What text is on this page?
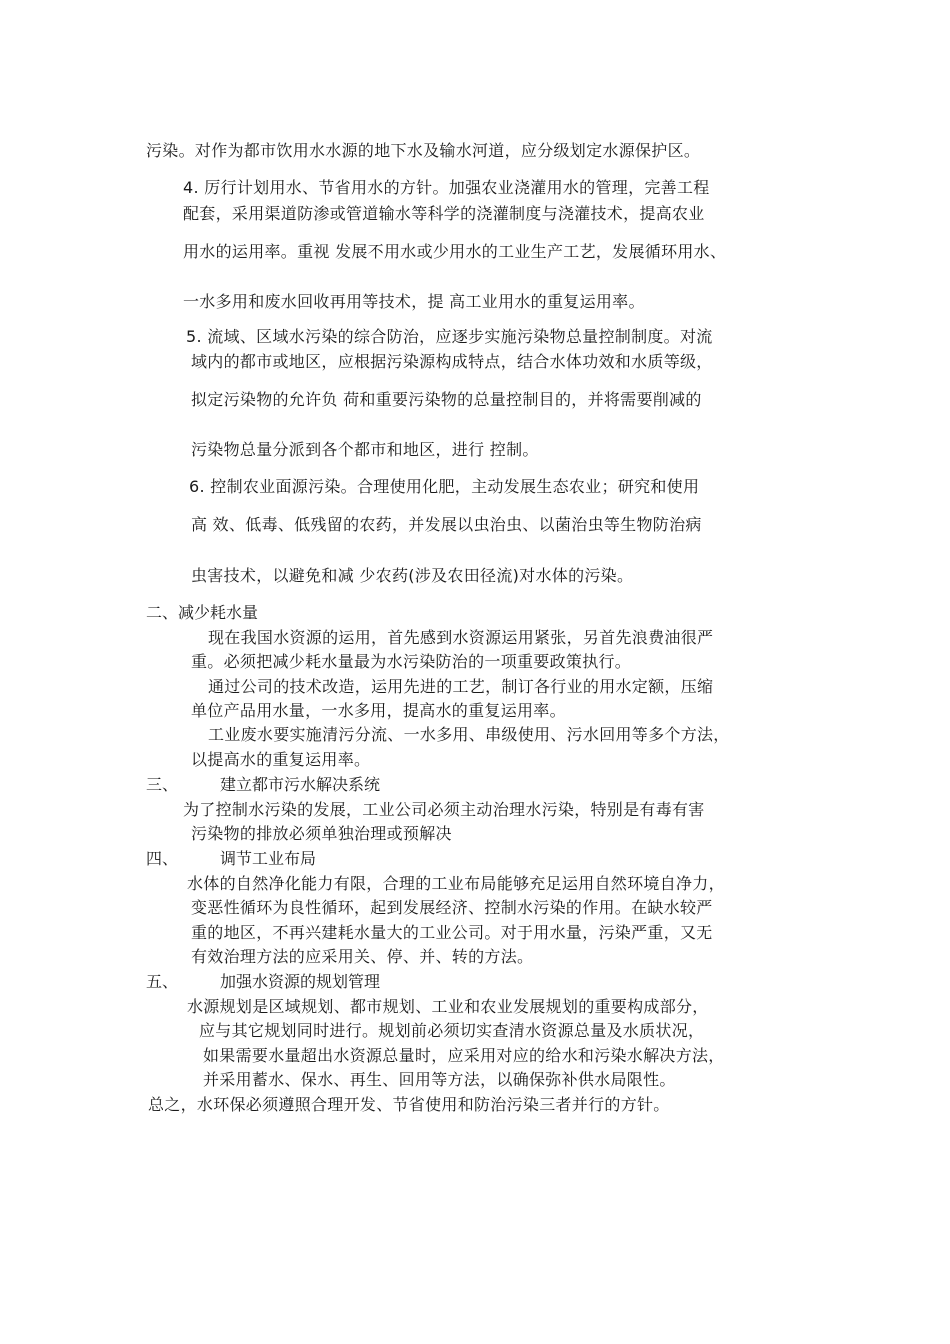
污染。对作为都市饮用水水源的地下水及输水河道，应分级划定水源保护区。
4. 厉行计划用水、节省用水的方针。加强农业浇灌用水的管理，完善工程
配套，采用渠道防渗或管道输水等科学的浇灌制度与浇灌技术，提高农业
用水的运用率。重视 发展不用水或少用水的工业生产工艺，发展循环用水、
一水多用和废水回收再用等技术，提 高工业用水的重复运用率。
5. 流域、区域水污染的综合防治，应逐步实施污染物总量控制制度。对流
域内的都市或地区，应根据污染源构成特点，结合水体功效和水质等级，
拟定污染物的允许负 荷和重要污染物的总量控制目的，并将需要削减的
污染物总量分派到各个都市和地区，进行 控制。
6. 控制农业面源污染。合理使用化肥，主动发展生态农业；研究和使用
高 效、低毒、低残留的农药，并发展以虫治虫、以菌治虫等生物防治病
虫害技术，以避免和减 少农药(涉及农田径流)对水体的污染。
二、减少耗水量
现在我国水资源的运用，首先感到水资源运用紧张，另首先浪费油很严
重。必须把减少耗水量最为水污染防治的一项重要政策执行。
通过公司的技术改造，运用先进的工艺，制订各行业的用水定额，压缩
单位产品用水量，一水多用，提高水的重复运用率。
工业废水要实施清污分流、一水多用、串级使用、污水回用等多个方法，
以提高水的重复运用率。
三、	建立都市污水解决系统
为了控制水污染的发展，工业公司必须主动治理水污染，特别是有毒有害
污染物的排放必须单独治理或预解决
四、	调节工业布局
水体的自然净化能力有限，合理的工业布局能够充足运用自然环境自净力，
变恶性循环为良性循环，起到发展经济、控制水污染的作用。在缺水较严
重的地区，不再兴建耗水量大的工业公司。对于用水量，污染严重，又无
有效治理方法的应采用关、停、并、转的方法。
五、	加强水资源的规划管理
水源规划是区域规划、都市规划、工业和农业发展规划的重要构成部分，
应与其它规划同时进行。规划前必须切实查清水资源总量及水质状况，
如果需要水量超出水资源总量时，应采用对应的给水和污染水解决方法，
并采用蓄水、保水、再生、回用等方法，以确保弥补供水局限性。
总之，水环保必须遵照合理开发、节省使用和防治污染三者并行的方针。
